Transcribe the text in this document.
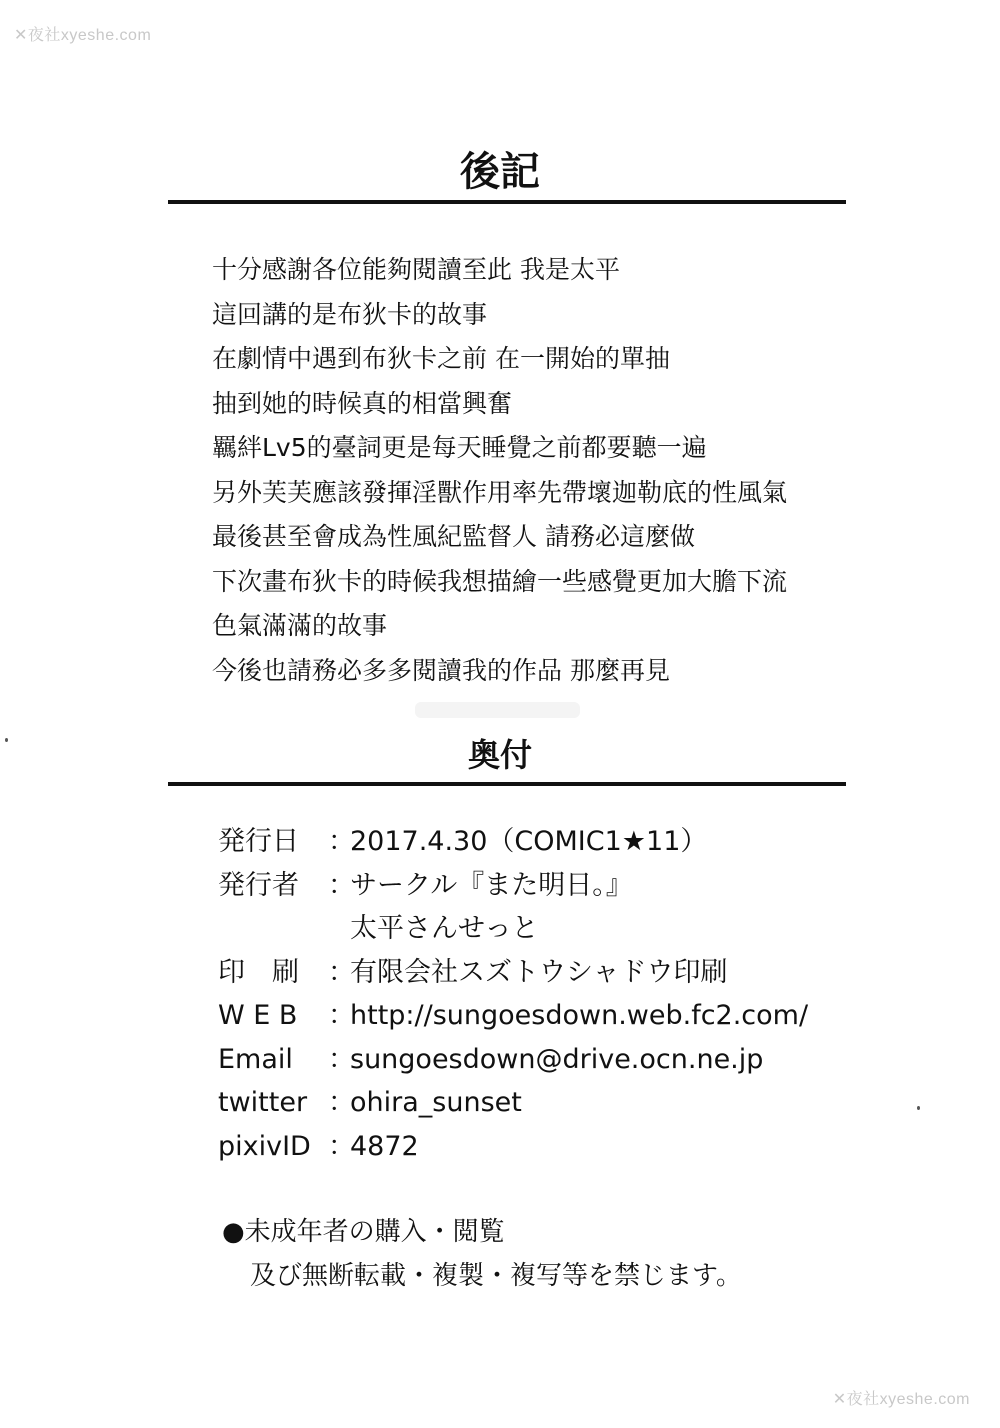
✕夜社xyeshe.com
後記
十分感謝各位能夠閱讀至此 我是太平
這回講的是布狄卡的故事
在劇情中遇到布狄卡之前 在一開始的單抽
抽到她的時候真的相當興奮
羈絆Lv5的臺詞更是每天睡覺之前都要聽一遍
另外芙芙應該發揮淫獸作用率先帶壞迦勒底的性風氣
最後甚至會成為性風紀監督人 請務必這麼做
下次畫布狄卡的時候我想描繪一些感覺更加大膽下流
色氣滿滿的故事
今後也請務必多多閱讀我的作品 那麼再見
奥付
発行日	：
2017.4.30（COMIC1★11）
発行者	：
サークル『また明日。』
太平さんせっと
印　刷	：
有限会社スズトウシャドウ印刷
W E B	：
http://sungoesdown.web.fc2.com/
Email	：
sungoesdown@drive.ocn.ne.jp
twitter ：
ohira_sunset
pixivID ：
4872
●未成年者の購入・閲覧
及び無断転載・複製・複写等を禁じます。
✕夜社xyeshe.com
